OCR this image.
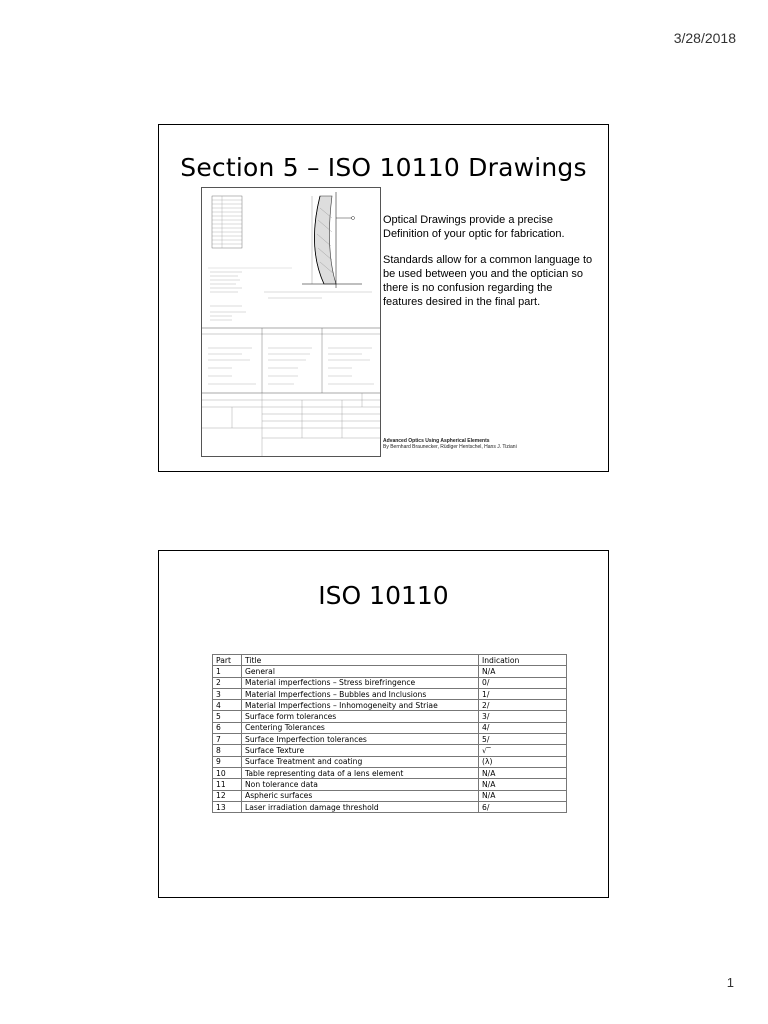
3/28/2018
Section 5 – ISO 10110 Drawings

Optical Drawings provide a precise Definition of your optic for fabrication.

Standards allow for a common language to be used between you and the optician so there is no confusion regarding the features desired in the final part.

Advanced Optics Using Aspherical Elements
By Bernhard Braunecker, Rüdiger Hentschel, Hans J. Tiziani
ISO 10110
Part	Title	Indication
1	General	N/A
2	Material imperfections – Stress birefringence	0/
3	Material Imperfections – Bubbles and Inclusions	1/
4	Material Imperfections – Inhomogeneity and Striae	2/
5	Surface form tolerances	3/
6	Centering Tolerances	4/
7	Surface Imperfection tolerances	5/
8	Surface Texture	√‾
9	Surface Treatment and coating	(λ)
10	Table representing data of a lens element	N/A
11	Non tolerance data	N/A
12	Aspheric surfaces	N/A
13	Laser irradiation damage threshold	6/
1
